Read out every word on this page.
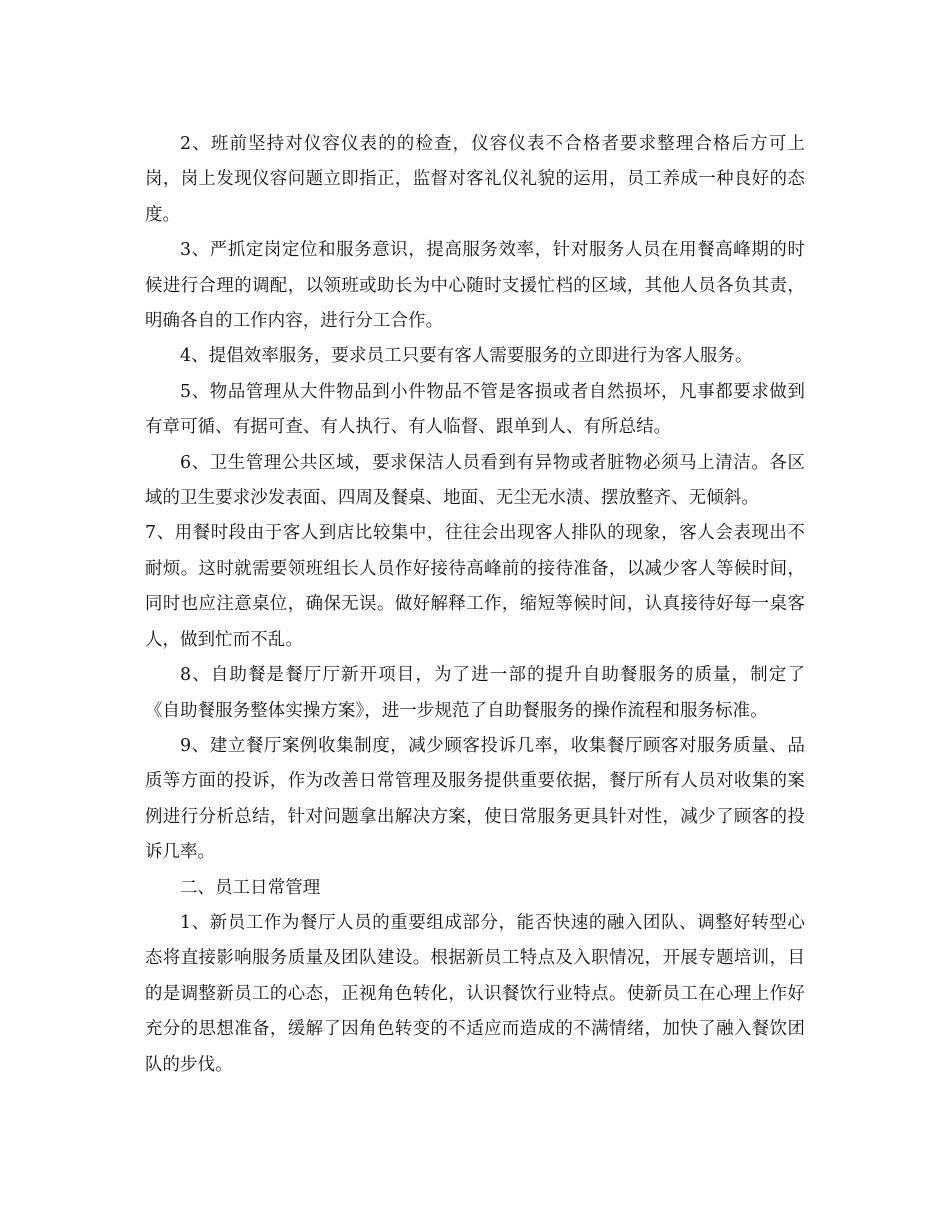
2、班前坚持对仪容仪表的的检查，仪容仪表不合格者要求整理合格后方可上岗，岗上发现仪容问题立即指正，监督对客礼仪礼貌的运用，员工养成一种良好的态度。

3、严抓定岗定位和服务意识，提高服务效率，针对服务人员在用餐高峰期的时候进行合理的调配，以领班或助长为中心随时支援忙档的区域，其他人员各负其责，明确各自的工作内容，进行分工合作。

4、提倡效率服务，要求员工只要有客人需要服务的立即进行为客人服务。

5、物品管理从大件物品到小件物品不管是客损或者自然损坏，凡事都要求做到有章可循、有据可查、有人执行、有人临督、跟单到人、有所总结。

6、卫生管理公共区域，要求保洁人员看到有异物或者脏物必须马上清洁。各区域的卫生要求沙发表面、四周及餐桌、地面、无尘无水渍、摆放整齐、无倾斜。

7、用餐时段由于客人到店比较集中，往往会出现客人排队的现象，客人会表现出不耐烦。这时就需要领班组长人员作好接待高峰前的接待准备，以减少客人等候时间，同时也应注意桌位，确保无误。做好解释工作，缩短等候时间，认真接待好每一桌客人，做到忙而不乱。

8、自助餐是餐厅厅新开项目，为了进一部的提升自助餐服务的质量，制定了《自助餐服务整体实操方案》，进一步规范了自助餐服务的操作流程和服务标准。

9、建立餐厅案例收集制度，减少顾客投诉几率，收集餐厅顾客对服务质量、品质等方面的投诉，作为改善日常管理及服务提供重要依据，餐厅所有人员对收集的案例进行分析总结，针对问题拿出解决方案，使日常服务更具针对性，减少了顾客的投诉几率。

二、员工日常管理

1、新员工作为餐厅人员的重要组成部分，能否快速的融入团队、调整好转型心态将直接影响服务质量及团队建设。根据新员工特点及入职情况，开展专题培训，目的是调整新员工的心态，正视角色转化，认识餐饮行业特点。使新员工在心理上作好充分的思想准备，缓解了因角色转变的不适应而造成的不满情绪，加快了融入餐饮团队的步伐。
